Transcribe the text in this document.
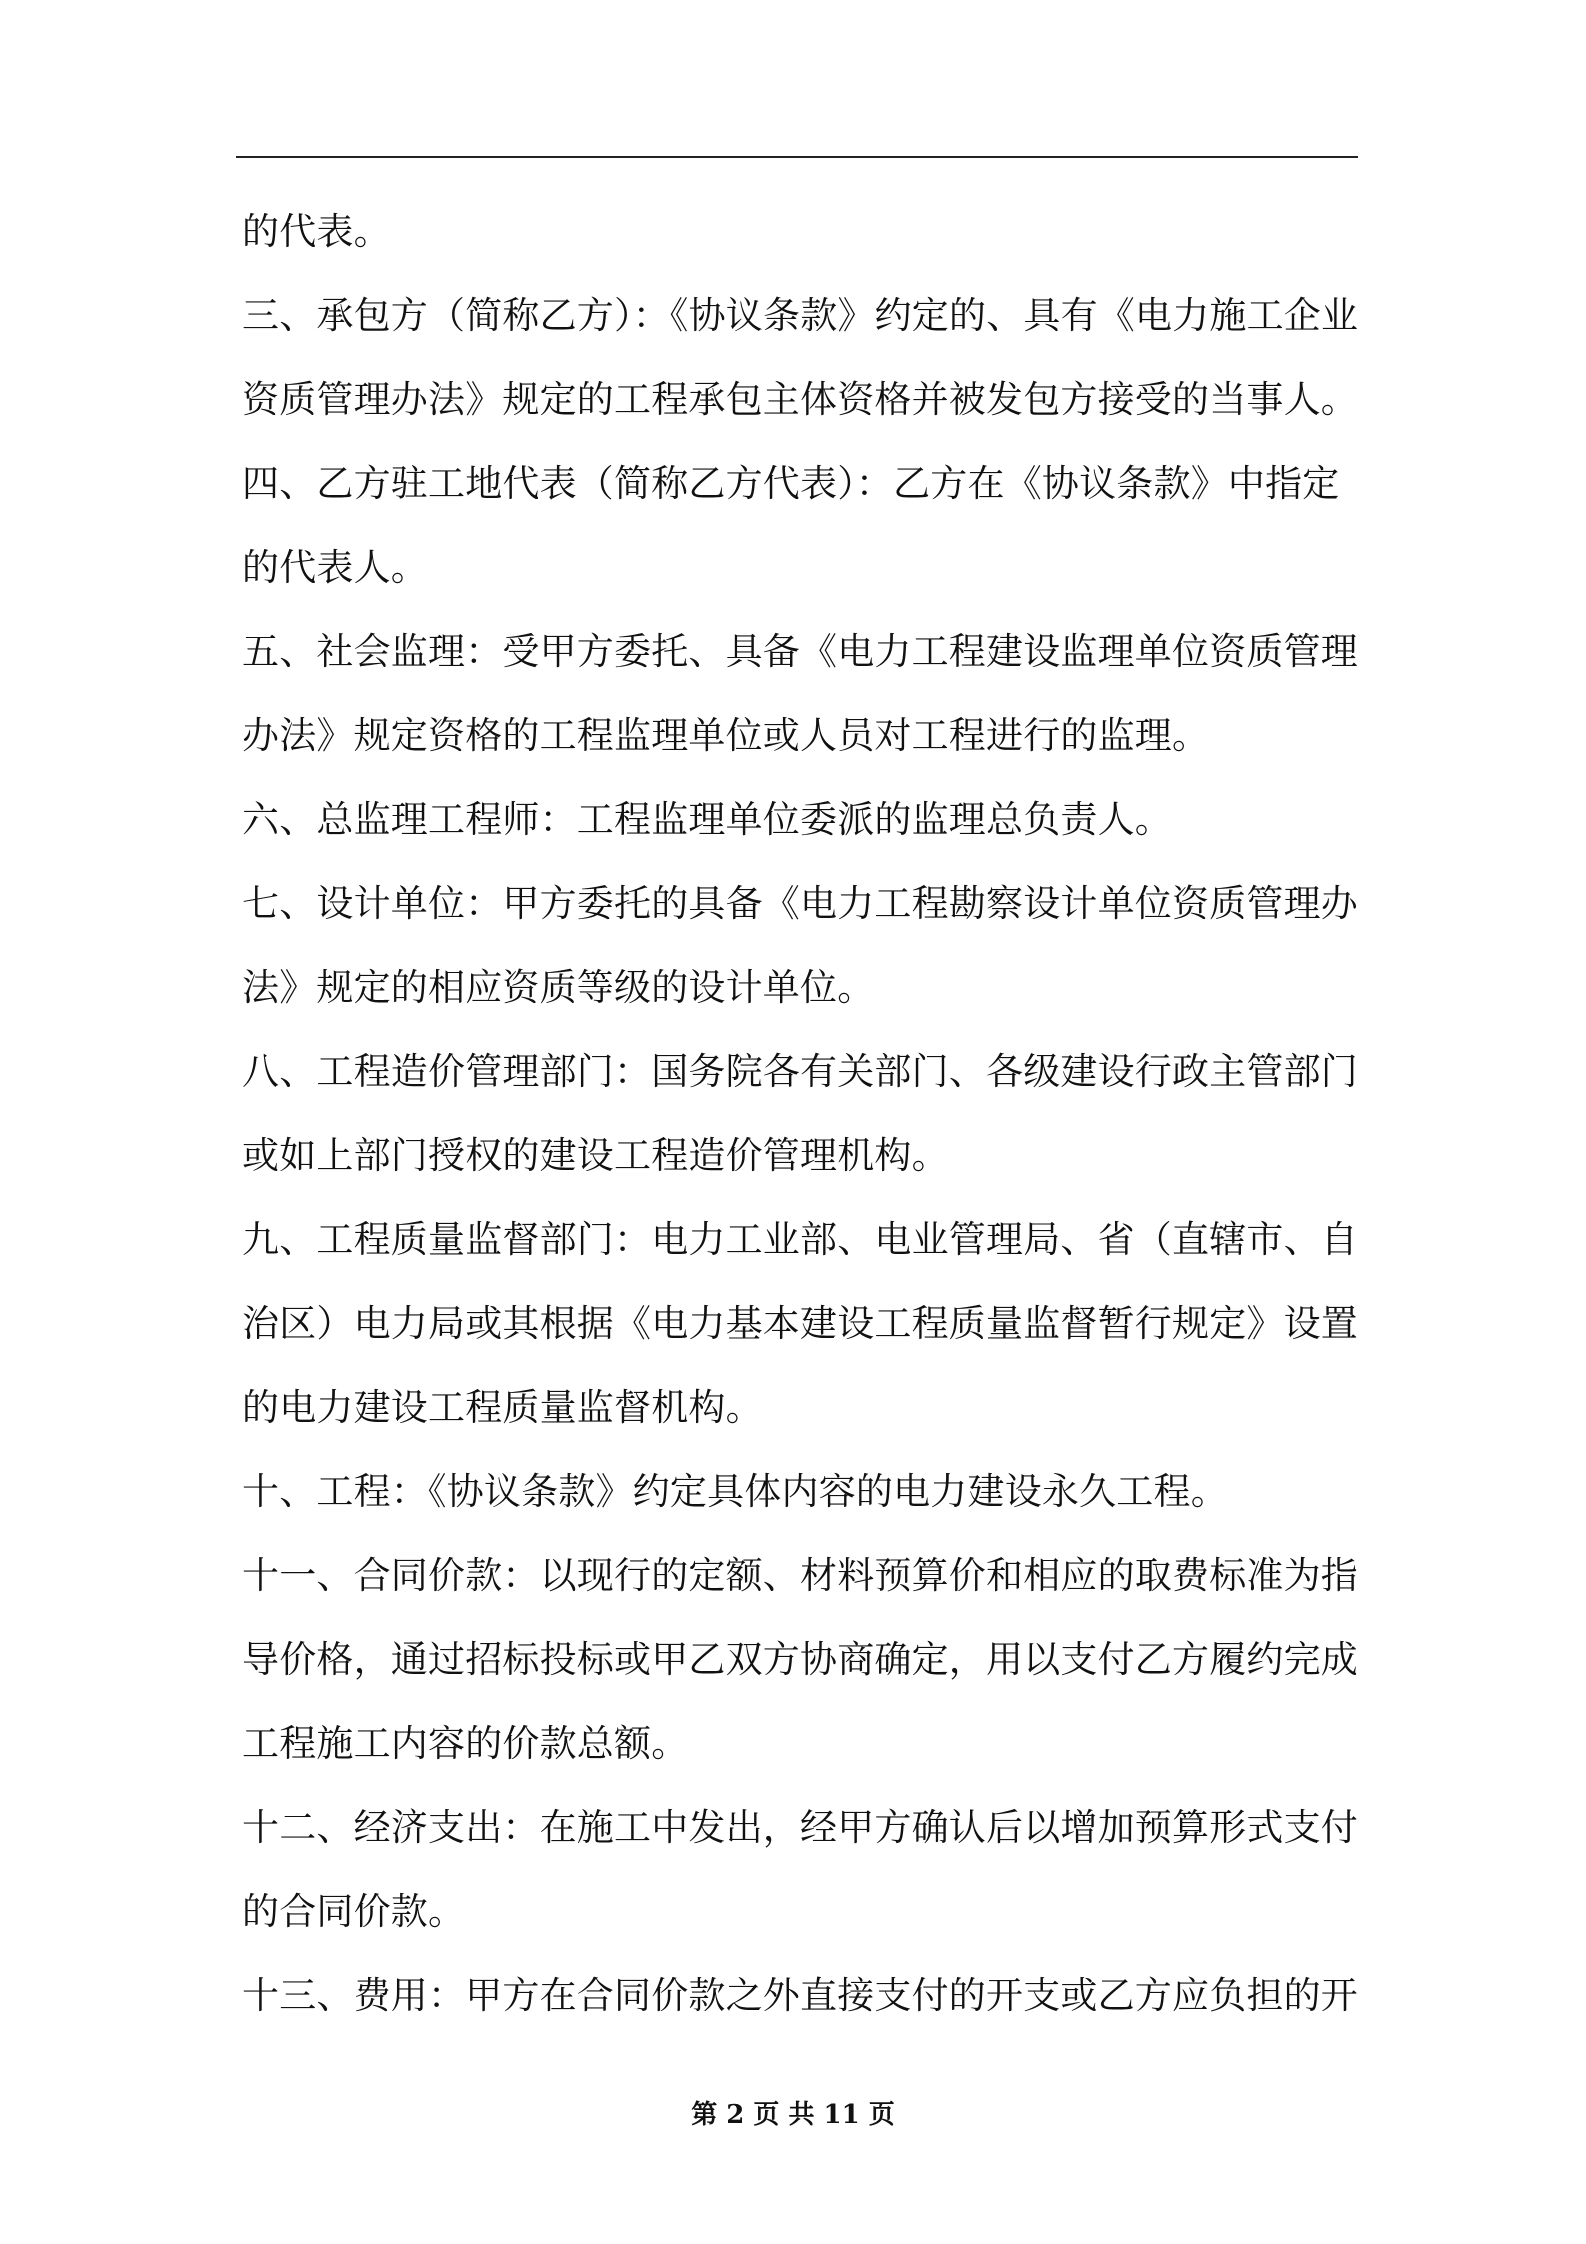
的代表。
三、承包方（简称乙方）：《协议条款》约定的、具有《电力施工企业
资质管理办法》规定的工程承包主体资格并被发包方接受的当事人。
四、乙方驻工地代表（简称乙方代表）：乙方在《协议条款》中指定
的代表人。
五、社会监理：受甲方委托、具备《电力工程建设监理单位资质管理
办法》规定资格的工程监理单位或人员对工程进行的监理。
六、总监理工程师：工程监理单位委派的监理总负责人。
七、设计单位：甲方委托的具备《电力工程勘察设计单位资质管理办
法》规定的相应资质等级的设计单位。
八、工程造价管理部门：国务院各有关部门、各级建设行政主管部门
或如上部门授权的建设工程造价管理机构。
九、工程质量监督部门：电力工业部、电业管理局、省（直辖市、自
治区）电力局或其根据《电力基本建设工程质量监督暂行规定》设置
的电力建设工程质量监督机构。
十、工程：《协议条款》约定具体内容的电力建设永久工程。
十一、合同价款：以现行的定额、材料预算价和相应的取费标准为指
导价格，通过招标投标或甲乙双方协商确定，用以支付乙方履约完成
工程施工内容的价款总额。
十二、经济支出：在施工中发出，经甲方确认后以增加预算形式支付
的合同价款。
十三、费用：甲方在合同价款之外直接支付的开支或乙方应负担的开
第 2 页 共 11 页
